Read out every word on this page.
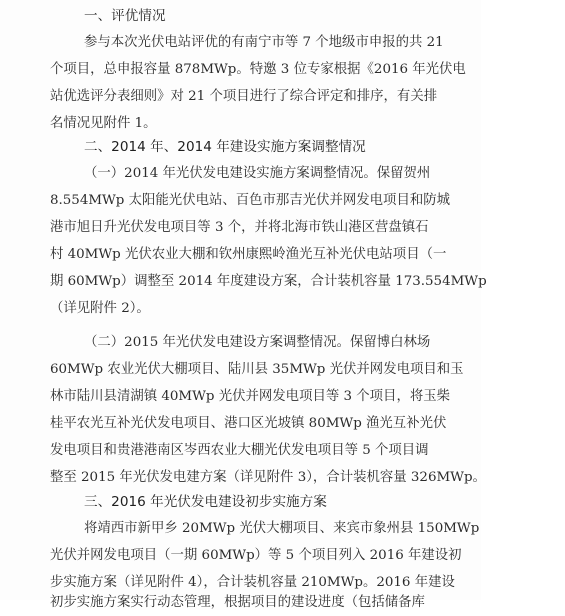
一、评优情况
参与本次光伏电站评优的有南宁市等 7 个地级市申报的共 21
个项目，总申报容量 878MWp。特邀 3 位专家根据《2016 年光伏电
站优选评分表细则》对 21 个项目进行了综合评定和排序，有关排
名情况见附件 1。
二、2014 年、2014 年建设实施方案调整情况
（一）2014 年光伏发电建设实施方案调整情况。保留贺州
8.554MWp 太阳能光伏电站、百色市那吉光伏并网发电项目和防城
港市旭日升光伏发电项目等 3 个，并将北海市铁山港区营盘镇石
村 40MWp 光伏农业大棚和钦州康熙岭渔光互补光伏电站项目（一
期 60MWp）调整至 2014 年度建设方案，合计装机容量 173.554MWp
（详见附件 2）。
（二）2015 年光伏发电建设方案调整情况。保留博白林场
60MWp 农业光伏大棚项目、陆川县 35MWp 光伏并网发电项目和玉
林市陆川县清湖镇 40MWp 光伏并网发电项目等 3 个项目，将玉柴
桂平农光互补光伏发电项目、港口区光坡镇 80MWp 渔光互补光伏
发电项目和贵港港南区岑西农业大棚光伏发电项目等 5 个项目调
整至 2015 年光伏发电建方案（详见附件 3），合计装机容量 326MWp。
三、2016 年光伏发电建设初步实施方案
将靖西市新甲乡 20MWp 光伏大棚项目、来宾市象州县 150MWp
光伏并网发电项目（一期 60MWp）等 5 个项目列入 2016 年建设初
步实施方案（详见附件 4），合计装机容量 210MWp。2016 年建设
初步实施方案实行动态管理，根据项目的建设进度（包括储备库
